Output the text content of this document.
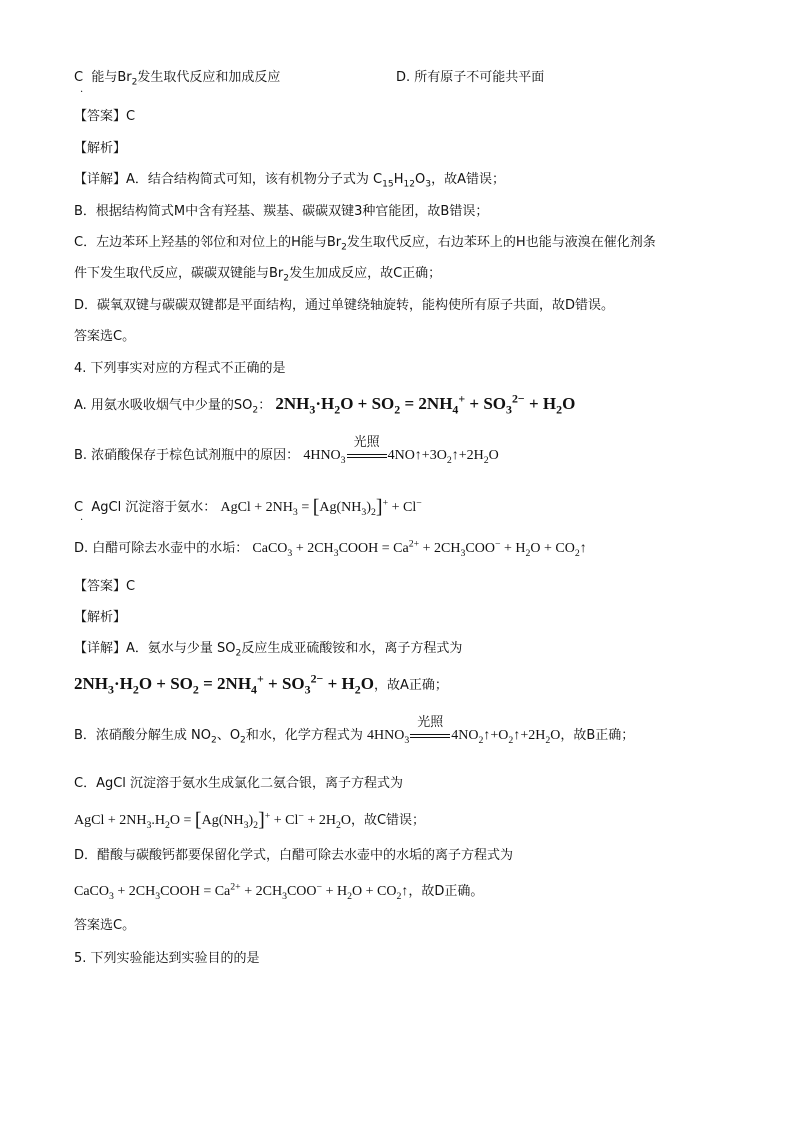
C  能与$Br_2$发生取代反应和加成反应	D. 所有原子不可能共平面
.
【答案】C
【解析】
【详解】A．结合结构简式可知，该有机物分子式为 $C_{15}H_{12}O_3$，故A错误；
B．根据结构简式M中含有羟基、羰基、碳碳双键3种官能团，故B错误；
C．左边苯环上羟基的邻位和对位上的H能与$Br_2$发生取代反应，右边苯环上的H也能与液溴在催化剂条
件下发生取代反应，碳碳双键能与$Br_2$发生加成反应，故C正确；
D．碳氧双键与碳碳双键都是平面结构，通过单键绕轴旋转，能构使所有原子共面，故D错误。
答案选C。
4. 下列事实对应的方程式不正确的是
A. 用氨水吸收烟气中少量的$SO_2$： $2NH_3\cdot H_2O + SO_2 = 2NH_4^+ + SO_3^{2-} + H_2O$
B. 浓硝酸保存于棕色试剂瓶中的原因： $4HNO_3$
光照
$4NO↑+3O_2↑+2H_2O$
C  AgCl 沉淀溶于氨水： AgCl + $2NH_3 = [Ag(NH_3)_2]^+ + Cl^-$
.
D. 白醋可除去水壶中的水垢： CaCO$_3$ + $2CH_3COOH = Ca^{2+} + 2CH_3COO^- + H_2O$ + $CO_2↑$
【答案】C
【解析】
【详解】A．氨水与少量 $SO_2$反应生成亚硫酸铵和水，离子方程式为
$2NH_3\cdot H_2O + SO_2 = 2NH_4^+ + SO_3^{2-} + H_2O$，故A正确；
B．浓硝酸分解生成 $NO_2$、$O_2$和水，化学方程式为 $4HNO_3$
光照
$4NO_2↑+O_2↑+2H_2O$，故B正确；
C．AgCl 沉淀溶于氨水生成氯化二氨合银，离子方程式为
AgCl + $2NH_3.H_2O = [Ag(NH_3)_2]^+ + Cl^- + 2H_2O$，故C错误；
D．醋酸与碳酸钙都要保留化学式，白醋可除去水壶中的水垢的离子方程式为
CaCO$_3$ + $2CH_3COOH = Ca^{2+} + 2CH_3COO^- + H_2O$ + $CO_2↑$，故D正确。
答案选C。
5. 下列实验能达到实验目的的是
